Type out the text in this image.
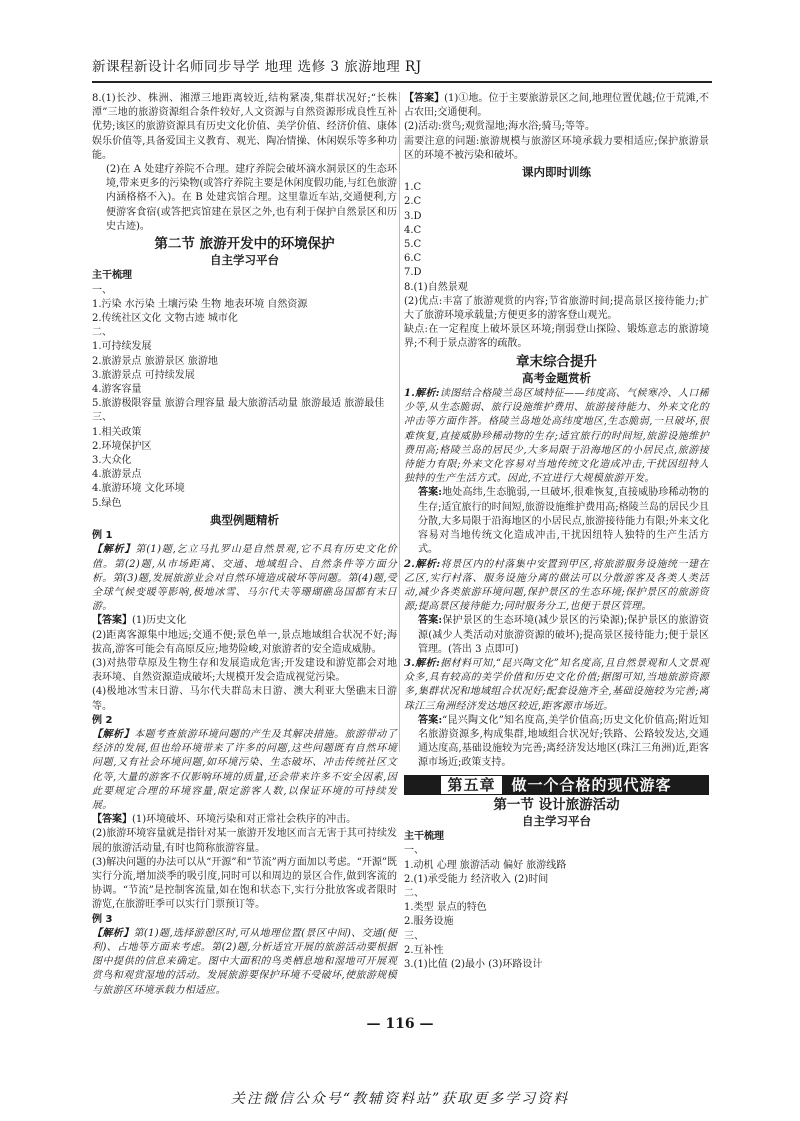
新课程新设计名师同步导学 地理 选修 3 旅游地理 RJ

8.(1)长沙、株洲、湘潭三地距离较近,结构紧凑,集群状况好;“长株潭”三地的旅游资源组合条件较好,人文资源与自然资源形成良性互补优势;该区的旅游资源具有历史文化价值、美学价值、经济价值、康体娱乐价值等,具备爱国主义教育、观光、陶冶情操、休闲娱乐等多种功能。

(2)在 A 处建疗养院不合理。建疗养院会破坏滴水洞景区的生态环境,带来更多的污染物(或答疗养院主要是休闲度假功能,与红色旅游内涵格格不入)。在 B 处建宾馆合理。这里靠近车站,交通便利,方便游客食宿(或答把宾馆建在景区之外,也有利于保护自然景区和历史古迹)。

第二节 旅游开发中的环境保护
自主学习平台
主干梳理
一、
1.污染 水污染 土壤污染 生物 地表环境 自然资源
2.传统社区文化 文物古迹 城市化
二、
1.可持续发展
2.旅游景点 旅游景区 旅游地
3.旅游景点 可持续发展
4.游客容量
5.旅游极限容量 旅游合理容量 最大旅游活动量 旅游最适 旅游最佳
三、
1.相关政策
2.环境保护区
3.大众化
4.旅游景点
4.旅游环境 文化环境
5.绿色
典型例题精析
例 1

【解析】第(1)题,乞立马扎罗山是自然景观,它不具有历史文化价值。第(2)题,从市场距离、交通、地域组合、自然条件等方面分析。第(3)题,发展旅游业会对自然环境造成破坏等问题。第(4)题,受全球气候变暖等影响,极地冰雪、马尔代夫等珊瑚礁岛国都有末日游。

【答案】(1)历史文化

(2)距离客源集中地远;交通不便;景色单一,景点地域组合状况不好;海拔高,游客可能会有高原反应;地势险峻,对旅游者的安全造成威胁。

(3)对热带草原及生物生存和发展造成危害;开发建设和游览都会对地表环境、自然资源造成破坏;大规模开发会造成视觉污染。

(4)极地冰雪末日游、马尔代夫群岛末日游、澳大利亚大堡礁末日游等。

例 2

【解析】本题考查旅游环境问题的产生及其解决措施。旅游带动了经济的发展,但也给环境带来了许多的问题,这些问题既有自然环境问题,又有社会环境问题,如环境污染、生态破坏、冲击传统社区文化等,大量的游客不仅影响环境的质量,还会带来许多不安全因素,因此要规定合理的环境容量,限定游客人数,以保证环境的可持续发展。

【答案】(1)环境破坏、环境污染和对正常社会秩序的冲击。

(2)旅游环境容量就是指针对某一旅游开发地区而言无害于其可持续发展的旅游活动量,有时也简称旅游容量。

(3)解决问题的办法可以从“开源”和“节流”两方面加以考虑。“开源”既实行分流,增加淡季的吸引度,同时可以和周边的景区合作,做到客流的协调。“节流”是控制客流量,如在饱和状态下,实行分批放客或者限时游览,在旅游旺季可以实行门票预订等。

例 3

【解析】第(1)题,选择游憩区时,可从地理位置(景区中间)、交通(便利)、占地等方面来考虑。第(2)题,分析适宜开展的旅游活动要根据图中提供的信息来确定。图中大面积的鸟类栖息地和湿地可开展观赏鸟和观赏湿地的活动。发展旅游要保护环境不受破坏,使旅游规模与旅游区环境承载力相适应。

【答案】(1)①地。位于主要旅游景区之间,地理位置优越;位于荒滩,不占农田;交通便利。

(2)活动:赏鸟;观赏湿地;海水浴;骑马;等等。

需要注意的问题:旅游规模与旅游区环境承载力要相适应;保护旅游景区的环境不被污染和破坏。

课内即时训练
1.C
2.C
3.D
4.C
5.C
6.C
7.D
8.(1)自然景观
(2)优点:丰富了旅游观赏的内容;节省旅游时间;提高景区接待能力;扩大了旅游环境承载量;方便更多的游客登山观光。
缺点:在一定程度上破坏景区环境;削弱登山探险、锻炼意志的旅游境界;不利于景点游客的疏散。
章末综合提升
高考金题赏析

1.解析:读图结合格陵兰岛区域特征——纬度高、气候寒冷、人口稀少等,从生态脆弱、旅行设施维护费用、旅游接待能力、外来文化的冲击等方面作答。格陵兰岛地处高纬度地区,生态脆弱,一旦破坏,很难恢复,直接威胁珍稀动物的生存;适宜旅行的时间短,旅游设施维护费用高;格陵兰岛的居民少,大多局限于沿海地区的小居民点,旅游接待能力有限;外来文化容易对当地传统文化造成冲击,干扰因纽特人独特的生产生活方式。因此,不宜进行大规模旅游开发。

答案:地处高纬,生态脆弱,一旦破坏,很难恢复,直接威胁珍稀动物的生存;适宜旅行的时间短,旅游设施维护费用高;格陵兰岛的居民少且分散,大多局限于沿海地区的小居民点,旅游接待能力有限;外来文化容易对当地传统文化造成冲击,干扰因纽特人独特的生产生活方式。

2.解析:将景区内的村落集中安置到甲区,将旅游服务设施统一建在乙区,实行村落、服务设施分离的做法可以分散游客及各类人类活动,减少各类旅游环境问题,保护景区的生态环境;保护景区的旅游资源;提高景区接待能力;同时服务分工,也便于景区管理。

答案:保护景区的生态环境(减少景区的污染源);保护景区的旅游资源(减少人类活动对旅游资源的破坏);提高景区接待能力;便于景区管理。(答出 3 点即可)

3.解析:据材料可知,“昆兴陶文化”知名度高,且自然景观和人文景观众多,具有较高的美学价值和历史文化价值;据图可知,当地旅游资源多,集群状况和地域组合状况好;配套设施齐全,基础设施较为完善;离珠江三角洲经济发达地区较近,距客源市场近。

答案:“昆兴陶文化”知名度高,美学价值高;历史文化价值高;附近知名旅游资源多,构成集群,地域组合状况好;铁路、公路较发达,交通通达度高,基础设施较为完善;离经济发达地区(珠江三角洲)近,距客源市场近;政策支持。

第五章 做一个合格的现代游客
第一节 设计旅游活动
自主学习平台
主干梳理
一、
1.动机 心理 旅游活动 偏好 旅游线路
2.(1)承受能力 经济收入 (2)时间
二、
1.类型 景点的特色
2.服务设施
三、
2.互补性
3.(1)比值 (2)最小 (3)环路设计
— 116 —
关注微信公众号“教辅资料站”获取更多学习资料
